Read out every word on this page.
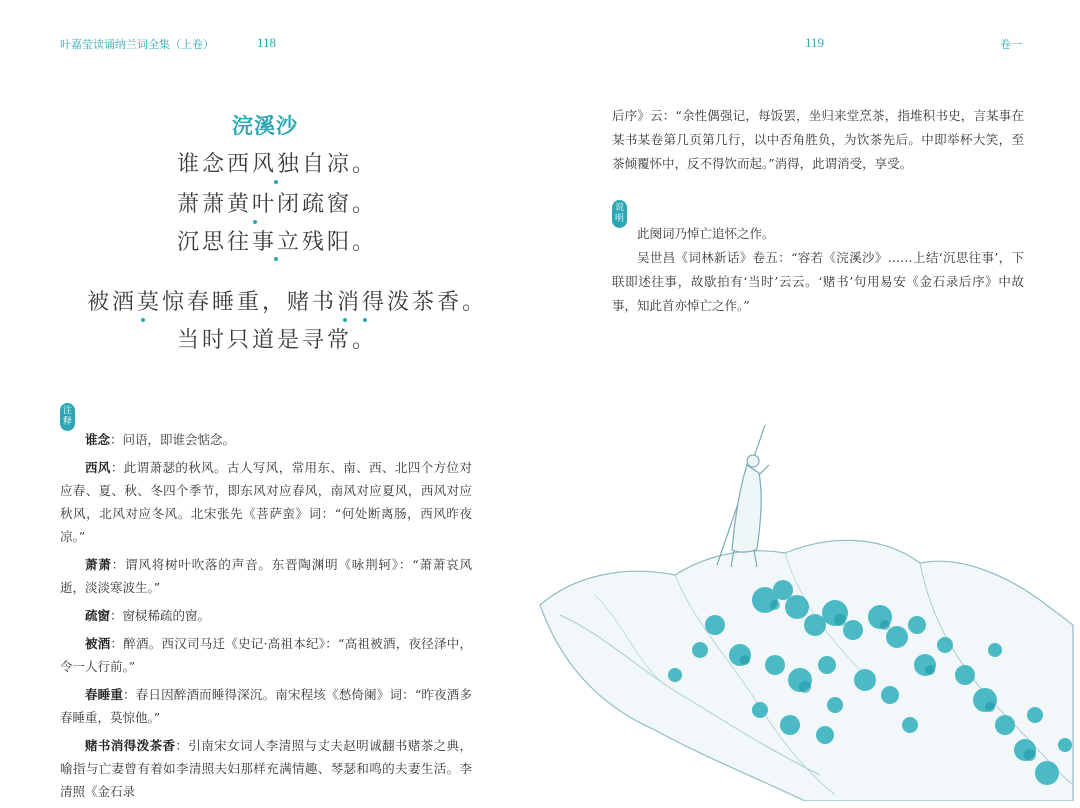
叶嘉莹读诵纳兰词全集（上卷）	118	119	卷一
浣溪沙
谁念西风独自凉。
萧萧黄叶闭疏窗。
沉思往事立残阳。
被酒莫惊春睡重，赌书消得泼茶香。
当时只道是寻常。
注释

谁念：问语，即谁会惦念。

西风：此谓萧瑟的秋风。古人写风，常用东、南、西、北四个方位对应春、夏、秋、冬四个季节，即东风对应春风，南风对应夏风，西风对应秋风，北风对应冬风。北宋张先《菩萨蛮》词：“何处断离肠，西风昨夜凉。”

萧萧：谓风将树叶吹落的声音。东晋陶渊明《咏荆轲》：“萧萧哀风逝，淡淡寒波生。”

疏窗：窗棂稀疏的窗。

被酒：醉酒。西汉司马迁《史记·高祖本纪》：“高祖被酒，夜径泽中，令一人行前。”

春睡重：春日因醉酒而睡得深沉。南宋程垓《愁倚阑》词：“昨夜酒多春睡重，莫惊他。”

赌书消得泼茶香：引南宋女词人李清照与丈夫赵明诚翻书赌茶之典，喻指与亡妻曾有着如李清照夫妇那样充满情趣、琴瑟和鸣的夫妻生活。李清照《金石录

后序》云：“余性偶强记，每饭罢，坐归来堂烹茶，指堆积书史，言某事在某书某卷第几页第几行，以中否角胜负，为饮茶先后。中即举杯大笑，至茶倾覆怀中，反不得饮而起。”消得，此谓消受，享受。

说明

此阕词乃悼亡追怀之作。

吴世昌《词林新话》卷五：“容若《浣溪沙》……上结‘沉思往事’，下联即述往事，故歇拍有‘当时’云云。‘赌书’句用易安《金石录后序》中故事，知此首亦悼亡之作。”
